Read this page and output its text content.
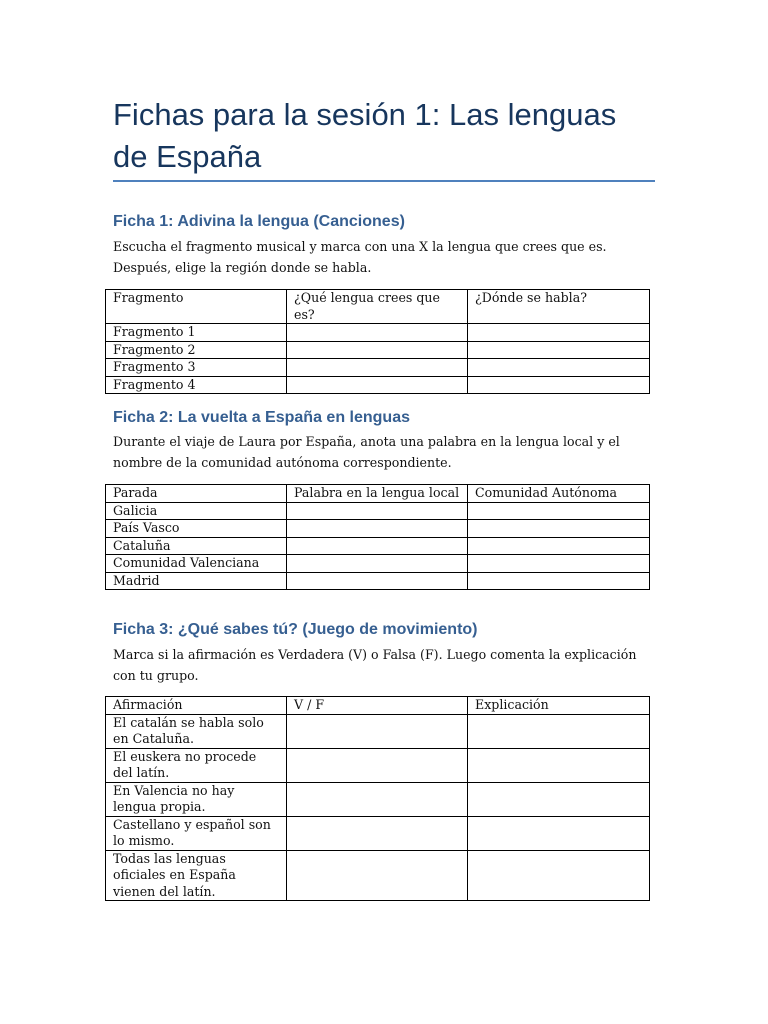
Fichas para la sesión 1: Las lenguas de España
Ficha 1: Adivina la lengua (Canciones)

Escucha el fragmento musical y marca con una X la lengua que crees que es. Después, elige la región donde se habla.

Fragmento	¿Qué lengua crees que es?	¿Dónde se habla?
Fragmento 1		
Fragmento 2		
Fragmento 3		
Fragmento 4		
Ficha 2: La vuelta a España en lenguas

Durante el viaje de Laura por España, anota una palabra en la lengua local y el nombre de la comunidad autónoma correspondiente.

Parada	Palabra en la lengua local	Comunidad Autónoma
Galicia		
País Vasco		
Cataluña		
Comunidad Valenciana		
Madrid		
Ficha 3: ¿Qué sabes tú? (Juego de movimiento)

Marca si la afirmación es Verdadera (V) o Falsa (F). Luego comenta la explicación con tu grupo.

Afirmación	V / F	Explicación
El catalán se habla solo en Cataluña.		
El euskera no procede del latín.		
En Valencia no hay lengua propia.		
Castellano y español son lo mismo.		
Todas las lenguas oficiales en España vienen del latín.		
